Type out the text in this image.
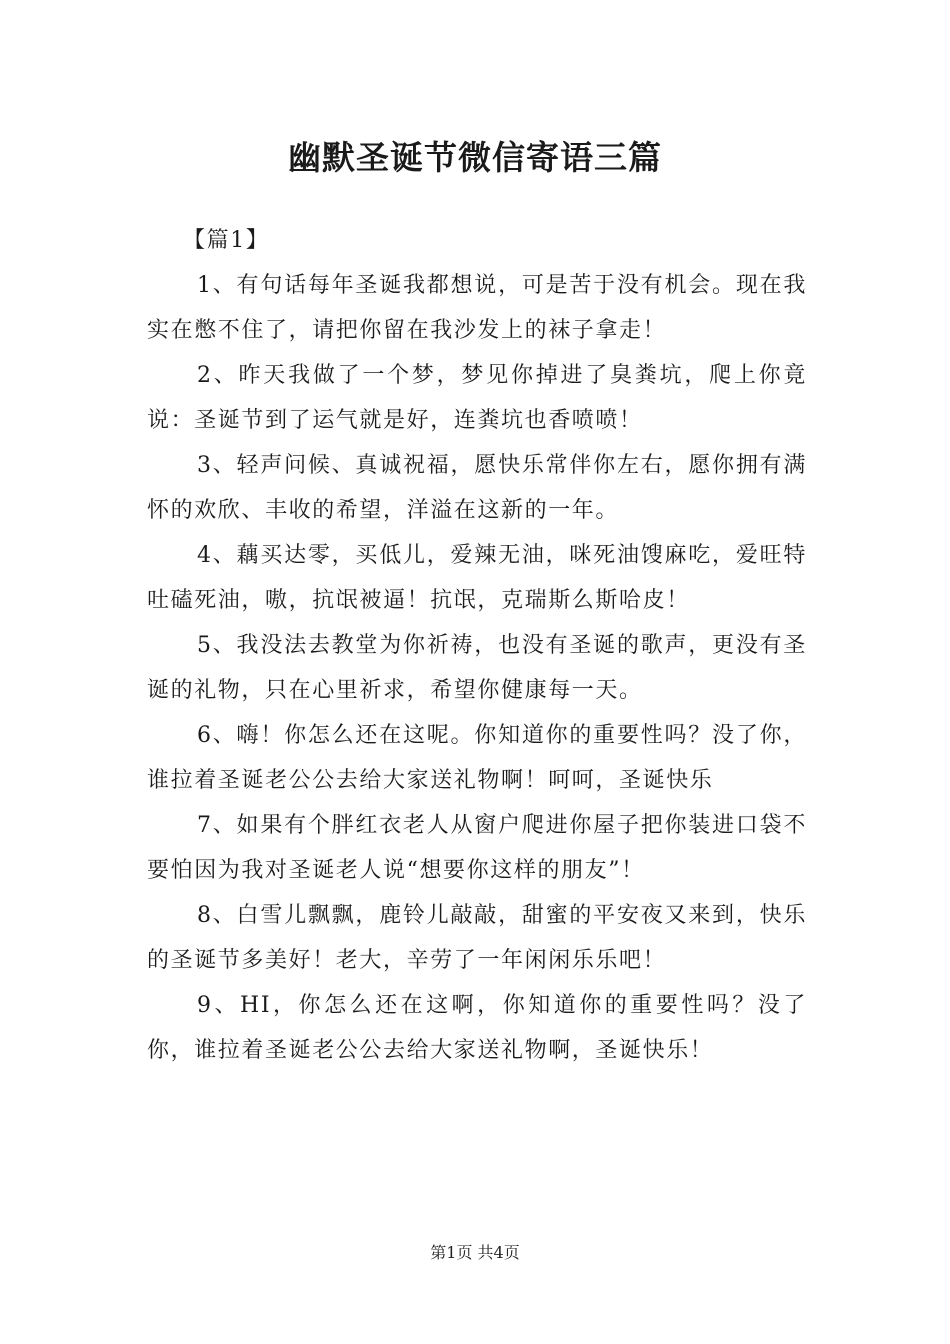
幽默圣诞节微信寄语三篇

【篇1】

1、有句话每年圣诞我都想说，可是苦于没有机会。现在我实在憋不住了，请把你留在我沙发上的袜子拿走！

2、昨天我做了一个梦，梦见你掉进了臭粪坑，爬上你竟说：圣诞节到了运气就是好，连粪坑也香喷喷！

3、轻声问候、真诚祝福，愿快乐常伴你左右，愿你拥有满怀的欢欣、丰收的希望，洋溢在这新的一年。

4、藕买达零，买低儿，爱辣无油，咪死油馊麻吃，爱旺特吐磕死油，嗷，抗氓被逼！抗氓，克瑞斯么斯哈皮！

5、我没法去教堂为你祈祷，也没有圣诞的歌声，更没有圣诞的礼物，只在心里祈求，希望你健康每一天。

6、嗨！你怎么还在这呢。你知道你的重要性吗？没了你，谁拉着圣诞老公公去给大家送礼物啊！呵呵，圣诞快乐

7、如果有个胖红衣老人从窗户爬进你屋子把你装进口袋不要怕因为我对圣诞老人说“想要你这样的朋友”！

8、白雪儿飘飘，鹿铃儿敲敲，甜蜜的平安夜又来到，快乐的圣诞节多美好！老大，辛劳了一年闲闲乐乐吧！

9、HI，你怎么还在这啊，你知道你的重要性吗？没了你，谁拉着圣诞老公公去给大家送礼物啊，圣诞快乐！

第1页 共4页
